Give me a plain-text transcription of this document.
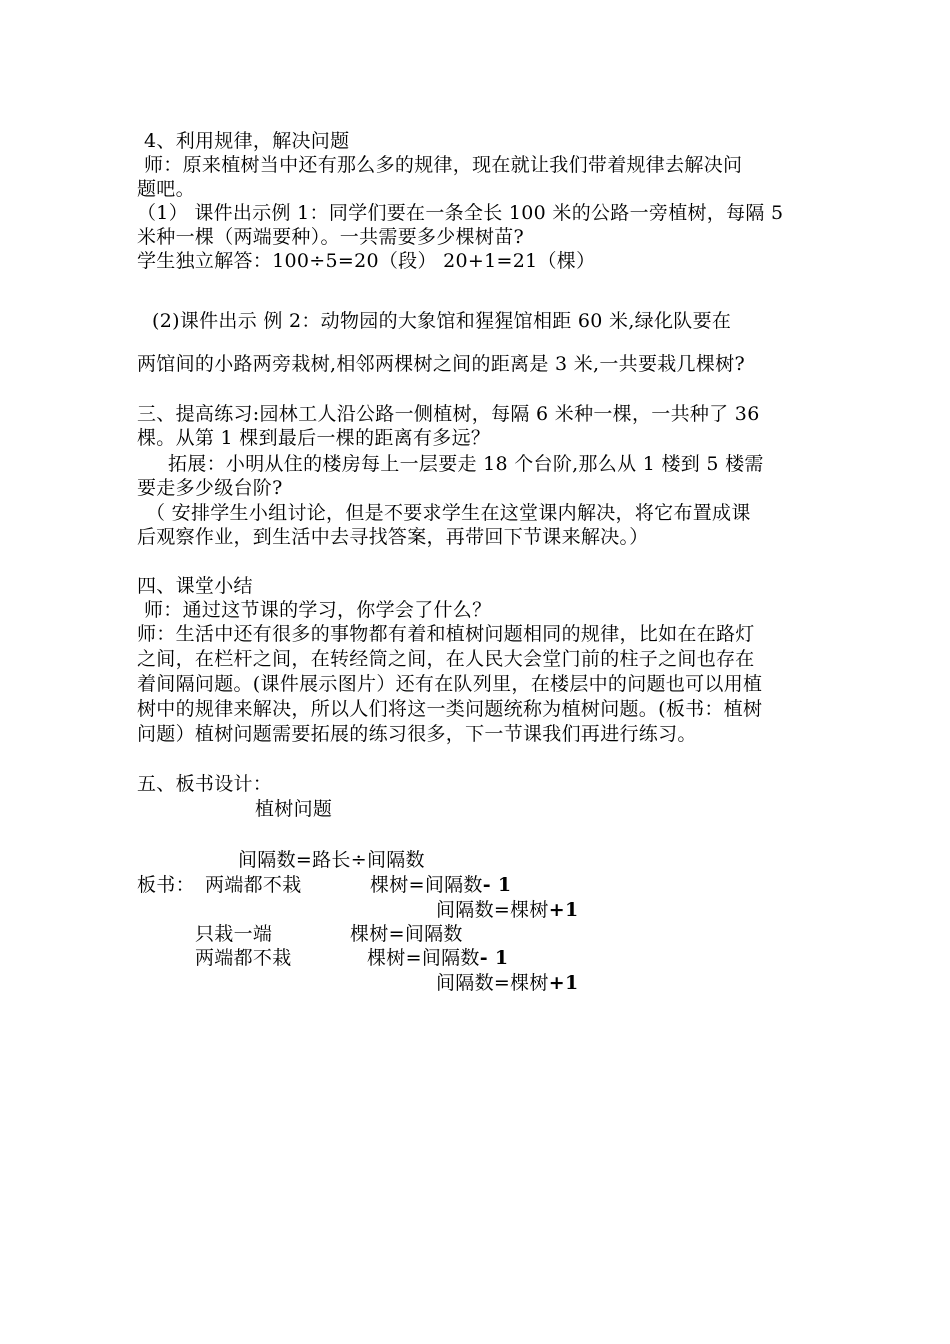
4、利用规律，解决问题
师：原来植树当中还有那么多的规律，现在就让我们带着规律去解决问
题吧。
（1） 课件出示例 1：同学们要在一条全长 100 米的公路一旁植树，每隔 5
米种一棵（两端要种）。一共需要多少棵树苗?
学生独立解答：100÷5=20（段） 20+1=21（棵）
(2)课件出示 例 2：动物园的大象馆和猩猩馆相距 60 米,绿化队要在
两馆间的小路两旁栽树,相邻两棵树之间的距离是 3 米,一共要栽几棵树?
三、提高练习:园林工人沿公路一侧植树，每隔 6 米种一棵，一共种了 36
棵。从第 1 棵到最后一棵的距离有多远？
拓展：小明从住的楼房每上一层要走 18 个台阶,那么从 1 楼到 5 楼需
要走多少级台阶?
（ 安排学生小组讨论，但是不要求学生在这堂课内解决，将它布置成课
后观察作业，到生活中去寻找答案，再带回下节课来解决。）
四、课堂小结
师：通过这节课的学习，你学会了什么？
师：生活中还有很多的事物都有着和植树问题相同的规律，比如在在路灯
之间，在栏杆之间，在转经筒之间，在人民大会堂门前的柱子之间也存在
着间隔问题。(课件展示图片）还有在队列里，在楼层中的问题也可以用植
树中的规律来解决，所以人们将这一类问题统称为植树问题。(板书：植树
问题）植树问题需要拓展的练习很多，下一节课我们再进行练习。
五、板书设计：
植树问题
间隔数=路长÷间隔数
板书： 两端都不栽	棵树=间隔数- 1
间隔数=棵树+1
只栽一端	棵树=间隔数
两端都不栽	棵树=间隔数- 1
间隔数=棵树+1
